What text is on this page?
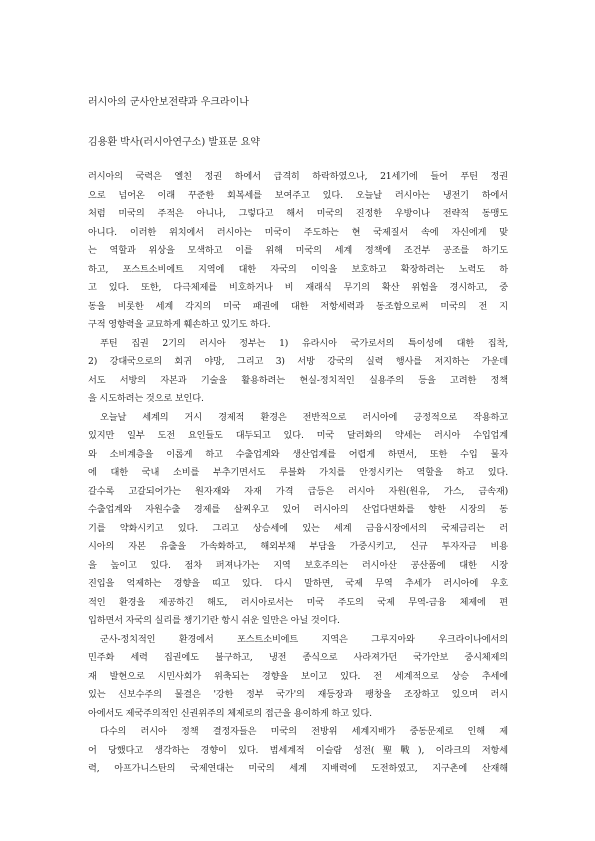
러시아의 군사안보전략과 우크라이나
김용환 박사(러시아연구소) 발표문 요약
러시아의 국력은 옐친 정권 하에서 급격히 하락하였으나, 21세기에 들어 푸틴 정권
으로 넘어온 이래 꾸준한 회복세를 보여주고 있다. 오늘날 러시아는 냉전기 하에서
처럼 미국의 주적은 아니나, 그렇다고 해서 미국의 진정한 우방이나 전략적 동맹도
아니다. 이러한 위치에서 러시아는 미국이 주도하는 현 국제질서 속에 자신에게 맞
는 역할과 위상을 모색하고 이를 위해 미국의 세계 정책에 조건부 공조를 하기도
하고, 포스트소비에트 지역에 대한 자국의 이익을 보호하고 확장하려는 노력도 하
고 있다. 또한, 다극체제를 비호하거나 비 재래식 무기의 확산 위험을 경시하고, 중
동을 비롯한 세계 각지의 미국 패권에 대한 저항세력과 동조함으로써 미국의 전 지
구적 영향력을 교묘하게 훼손하고 있기도 하다.
푸틴 집권 2기의 러시아 정부는 1) 유라시아 국가로서의 특이성에 대한 집착,
2) 강대국으로의 회귀 야망, 그리고 3) 서방 강국의 실력 행사를 저지하는 가운데
서도 서방의 자본과 기술을 활용하려는 현실-정치적인 실용주의 등을 고려한 정책
을 시도하려는 것으로 보인다.
오늘날 세계의 거시 경제적 환경은 전반적으로 러시아에 긍정적으로 작용하고
있지만 일부 도전 요인들도 대두되고 있다. 미국 달러화의 약세는 러시아 수입업계
와 소비계층을 이롭게 하고 수출업계와 생산업계를 어렵게 하면서, 또한 수입 물자
에 대한 국내 소비를 부추기면서도 루블화 가치를 안정시키는 역할을 하고 있다.
갈수록 고갈되어가는 원자재와 자재 가격 급등은 러시아 자원(원유, 가스, 금속재)
수출업계와 자원수출 경제를 살찌우고 있어 러시아의 산업다변화를 향한 시장의 동
기를 약화시키고 있다. 그리고 상승세에 있는 세계 금융시장에서의 국제금리는 러
시아의 자본 유출을 가속화하고, 해외부채 부담을 가중시키고, 신규 투자자금 비용
을 높이고 있다. 점차 퍼져나가는 지역 보호주의는 러시아산 공산품에 대한 시장
진입을 억제하는 경향을 띠고 있다. 다시 말하면, 국제 무역 추세가 러시아에 우호
적인 환경을 제공하긴 해도, 러시아로서는 미국 주도의 국제 무역-금융 체제에 편
입하면서 자국의 실리를 챙기기란 항시 쉬운 일만은 아닐 것이다.
군사-정치적인 환경에서 포스트소비에트 지역은 그루지아와 우크라이나에서의
민주화 세력 집권에도 불구하고, 냉전 종식으로 사라져가던 국가안보 중시체제의
재 발현으로 시민사회가 위축되는 경향을 보이고 있다. 전 세계적으로 상승 추세에
있는 신보수주의 물결은 '강한 정부 국가'의 재등장과 팽창을 조장하고 있으며 러시
아에서도 제국주의적인 신권위주의 체제로의 접근을 용이하게 하고 있다.
다수의 러시아 정책 결정자들은 미국의 전방위 세계지배가 중동문제로 인해 제
어 당했다고 생각하는 경향이 있다. 범세계적 이슬람 성전(聖戰), 이라크의 저항세
력, 아프가니스탄의 국제연대는 미국의 세계 지배력에 도전하였고, 지구촌에 산재해
